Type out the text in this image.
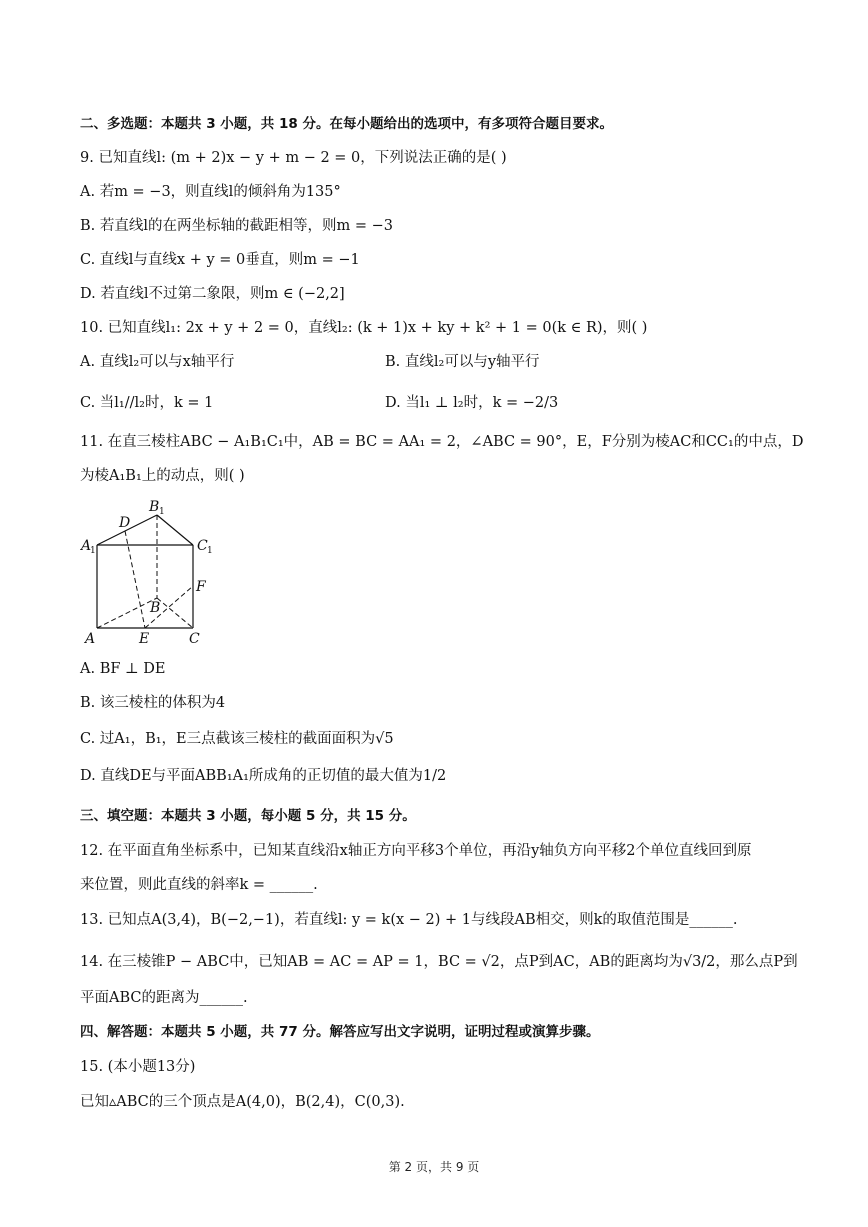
二、多选题：本题共 3 小题，共 18 分。在每小题给出的选项中，有多项符合题目要求。
9. 已知直线l: (m + 2)x − y + m − 2 = 0，下列说法正确的是( )
A. 若m = −3，则直线l的倾斜角为135°
B. 若直线l的在两坐标轴的截距相等，则m = −3
C. 直线l与直线x + y = 0垂直，则m = −1
D. 若直线l不过第二象限，则m ∈ (−2,2]
10. 已知直线l₁: 2x + y + 2 = 0，直线l₂: (k + 1)x + ky + k² + 1 = 0(k ∈ R)，则( )
A. 直线l₂可以与x轴平行	B. 直线l₂可以与y轴平行
C. 当l₁//l₂时，k = 1	D. 当l₁ ⊥ l₂时，k = −2/3
11. 在直三棱柱ABC − A₁B₁C₁中，AB = BC = AA₁ = 2，∠ABC = 90°，E，F分别为棱AC和CC₁的中点，D
为棱A₁B₁上的动点，则( )
B 1
D
A
1	C 1
F
B
A	E	C
A. BF ⊥ DE
B. 该三棱柱的体积为4
C. 过A₁，B₁，E三点截该三棱柱的截面面积为√5
D. 直线DE与平面ABB₁A₁所成角的正切值的最大值为1/2
三、填空题：本题共 3 小题，每小题 5 分，共 15 分。
12. 在平面直角坐标系中，已知某直线沿x轴正方向平移3个单位，再沿y轴负方向平移2个单位直线回到原
来位置，则此直线的斜率k = ______.
13. 已知点A(3,4)，B(−2,−1)，若直线l: y = k(x − 2) + 1与线段AB相交，则k的取值范围是______.
14. 在三棱锥P − ABC中，已知AB = AC = AP = 1，BC = √2，点P到AC，AB的距离均为√3/2，那么点P到
平面ABC的距离为______.
四、解答题：本题共 5 小题，共 77 分。解答应写出文字说明，证明过程或演算步骤。
15. (本小题13分)
已知▵ABC的三个顶点是A(4,0)，B(2,4)，C(0,3).
第 2 页，共 9 页
